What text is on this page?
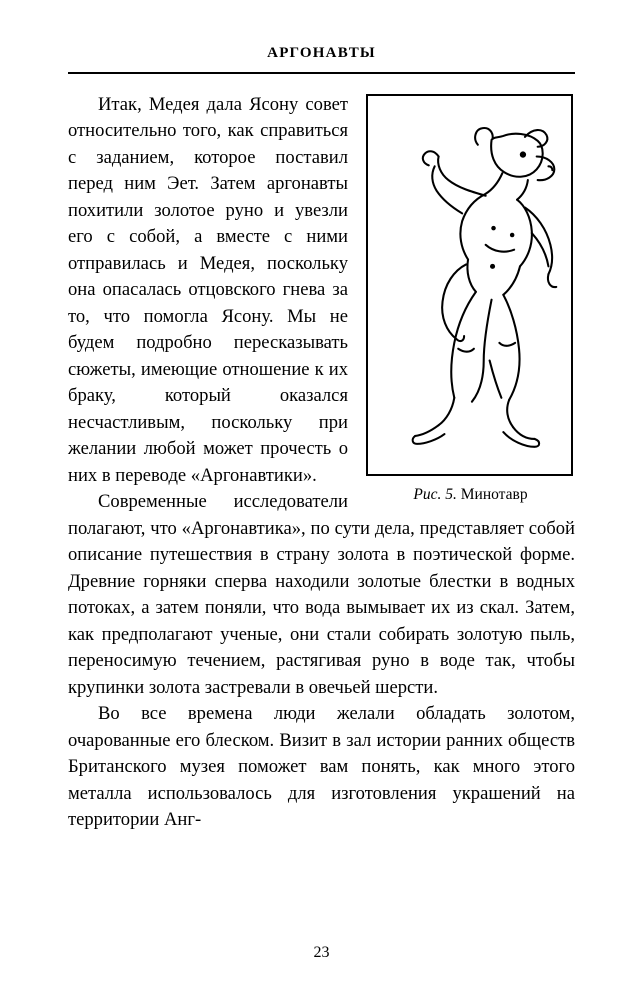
АРГОНАВТЫ
Рис. 5. Минотавр

Итак, Медея дала Ясону совет относительно того, как справиться с заданием, которое поставил перед ним Эет. Затем аргонавты похитили золотое руно и увезли его с собой, а вместе с ними отправилась и Медея, поскольку она опасалась отцовского гнева за то, что помогла Ясону. Мы не будем подробно пересказывать сюжеты, имеющие отношение к их браку, который оказался несчастливым, поскольку при желании любой может прочесть о них в переводе «Аргонавтики».

Современные исследователи полагают, что «Аргонавтика», по сути дела, представляет собой описание путешествия в страну золота в поэтической форме. Древние горняки сперва находили золотые блестки в водных потоках, а затем поняли, что вода вымывает их из скал. Затем, как предполагают ученые, они стали собирать золотую пыль, переносимую течением, растягивая руно в воде так, чтобы крупинки золота застревали в овечьей шерсти.

Во все времена люди желали обладать золотом, очарованные его блеском. Визит в зал истории ранних обществ Британского музея поможет вам понять, как много этого металла использовалось для изготовления украшений на территории Анг-

23
